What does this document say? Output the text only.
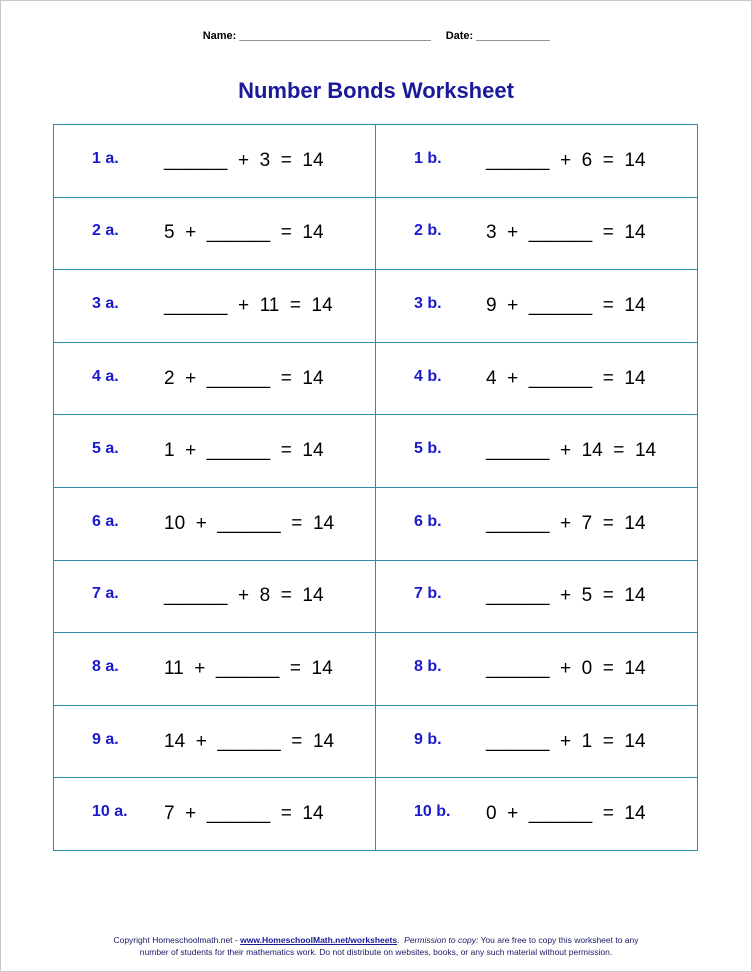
Name: __________________________________ Date: _____________
Number Bonds Worksheet
1 a. ______  +  3  =  14	1 b. ______  +  6  =  14

2 a. 5  +  ______  =  14	2 b. 3  +  ______  =  14

3 a. ______  +  11  =  14	3 b. 9  +  ______  =  14

4 a. 2  +  ______  =  14	4 b. 4  +  ______  =  14

5 a. 1  +  ______  =  14	5 b. ______  +  14  =  14

6 a. 10  +  ______  =  14	6 b. ______  +  7  =  14

7 a. ______  +  8  =  14	7 b. ______  +  5  =  14

8 a. 11  +  ______  =  14	8 b. ______  +  0  =  14

9 a. 14  +  ______  =  14	9 b. ______  +  1  =  14

10 a. 7  +  ______  =  14	10 b. 0  +  ______  =  14
Copyright Homeschoolmath.net - www.HomeschoolMath.net/worksheets.  Permission to copy: You are free to copy this worksheet to any
number of students for their mathematics work. Do not distribute on websites, books, or any such material without permission.
